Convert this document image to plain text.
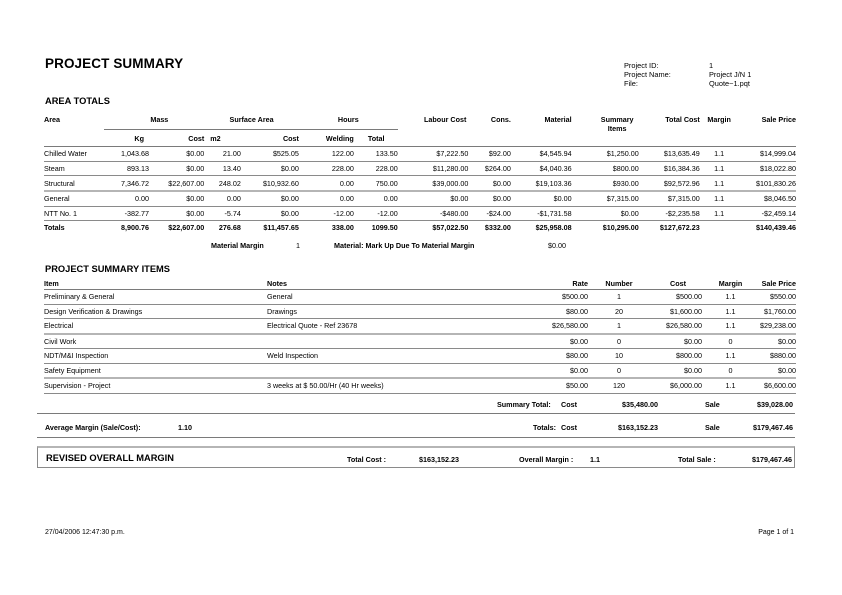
PROJECT SUMMARY	Project ID:	1
Project Name:	Project J/N 1
File:	Quote~1.pqt
AREA TOTALS
Area	Mass		Surface Area		Hours		Labour Cost	Cons.	Material	Summary Items	Total Cost	Margin	Sale Price
	Kg	Cost	m2	Cost	Welding	Total							
Chilled Water	1,043.68	$0.00	21.00	$525.05	122.00	133.50	$7,222.50	$92.00	$4,545.94	$1,250.00	$13,635.49	1.1	$14,999.04
Steam	893.13	$0.00	13.40	$0.00	228.00	228.00	$11,280.00	$264.00	$4,040.36	$800.00	$16,384.36	1.1	$18,022.80
Structural	7,346.72	$22,607.00	248.02	$10,932.60	0.00	750.00	$39,000.00	$0.00	$19,103.36	$930.00	$92,572.96	1.1	$101,830.26
General	0.00	$0.00	0.00	$0.00	0.00	0.00	$0.00	$0.00	$0.00	$7,315.00	$7,315.00	1.1	$8,046.50
NTT No. 1	-382.77	$0.00	-5.74	$0.00	-12.00	-12.00	-$480.00	-$24.00	-$1,731.58	$0.00	-$2,235.58	1.1	-$2,459.14
Totals	8,900.76	$22,607.00	276.68	$11,457.65	338.00	1099.50	$57,022.50	$332.00	$25,958.08	$10,295.00	$127,672.23		$140,439.46
Material Margin	1	Material: Mark Up Due To Material Margin	$0.00
PROJECT SUMMARY ITEMS
Item	Notes	Rate	Number	Cost	Margin	Sale Price
Preliminary & General	General	$500.00	1	$500.00	1.1	$550.00
Design Verification & Drawings	Drawings	$80.00	20	$1,600.00	1.1	$1,760.00
Electrical	Electrical Quote - Ref 23678	$26,580.00	1	$26,580.00	1.1	$29,238.00
Civil Work		$0.00	0	$0.00	0	$0.00
NDT/M&I Inspection	Weld Inspection	$80.00	10	$800.00	1.1	$880.00
Safety Equipment		$0.00	0	$0.00	0	$0.00
Supervision - Project	3 weeks at $ 50.00/Hr (40 Hr weeks)	$50.00	120	$6,000.00	1.1	$6,600.00
Summary Total: Cost	$35,480.00	Sale	$39,028.00
Average Margin (Sale/Cost):	1.10	Totals: Cost	$163,152.23	Sale	$179,467.46
REVISED OVERALL MARGIN	Total Cost :	$163,152.23	Overall Margin : 1.1	Total Sale :	$179,467.46
27/04/2006 12:47:30 p.m.	Page 1 of 1
